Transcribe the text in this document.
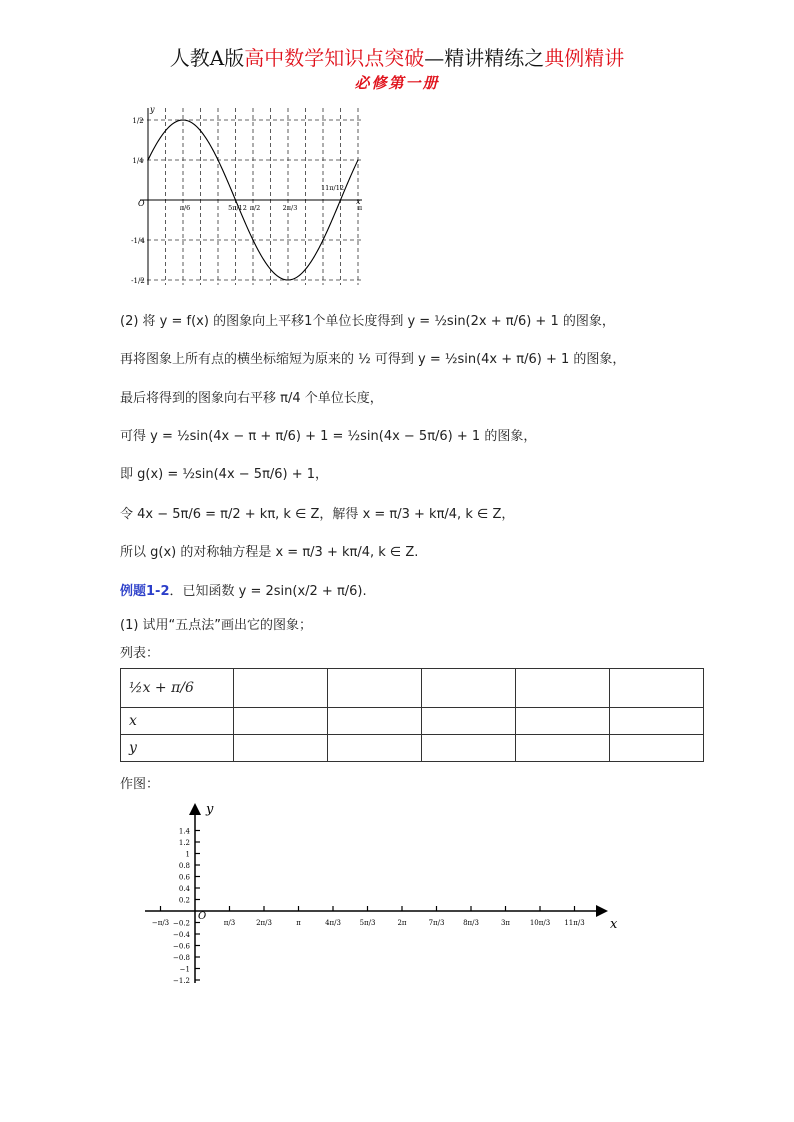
人教A版高中数学知识点突破—精讲精练之典例精讲
必修第一册
y
x
O
1/2
1/4
-1/4
-1/2
π/6	5π/12 π/2	2π/3
11π/12
π
(2) 将 y = f(x) 的图象向上平移1个单位长度得到 y = ½sin(2x + π/6) + 1 的图象，
再将图象上所有点的横坐标缩短为原来的 ½ 可得到 y = ½sin(4x + π/6) + 1 的图象，
最后将得到的图象向右平移 π/4 个单位长度，
可得 y = ½sin(4x − π + π/6) + 1 = ½sin(4x − 5π/6) + 1 的图象，
即 g(x) = ½sin(4x − 5π/6) + 1，
令 4x − 5π/6 = π/2 + kπ, k ∈ Z，解得 x = π/3 + kπ/4, k ∈ Z，
所以 g(x) 的对称轴方程是 x = π/3 + kπ/4, k ∈ Z.
例题1-2．已知函数 y = 2sin(x/2 + π/6).
(1) 试用“五点法”画出它的图象；
列表：
½x + π/6					
x					
y					
作图：
y
x
O
1.4
1.2
1
0.8
0.6
0.4
0.2
−0.2
−0.4
−0.6
−0.8
−1
−1.2
−π/3	π/3	2π/3	π	4π/3	5π/3	2π	7π/3	8π/3	3π	10π/3 11π/3
